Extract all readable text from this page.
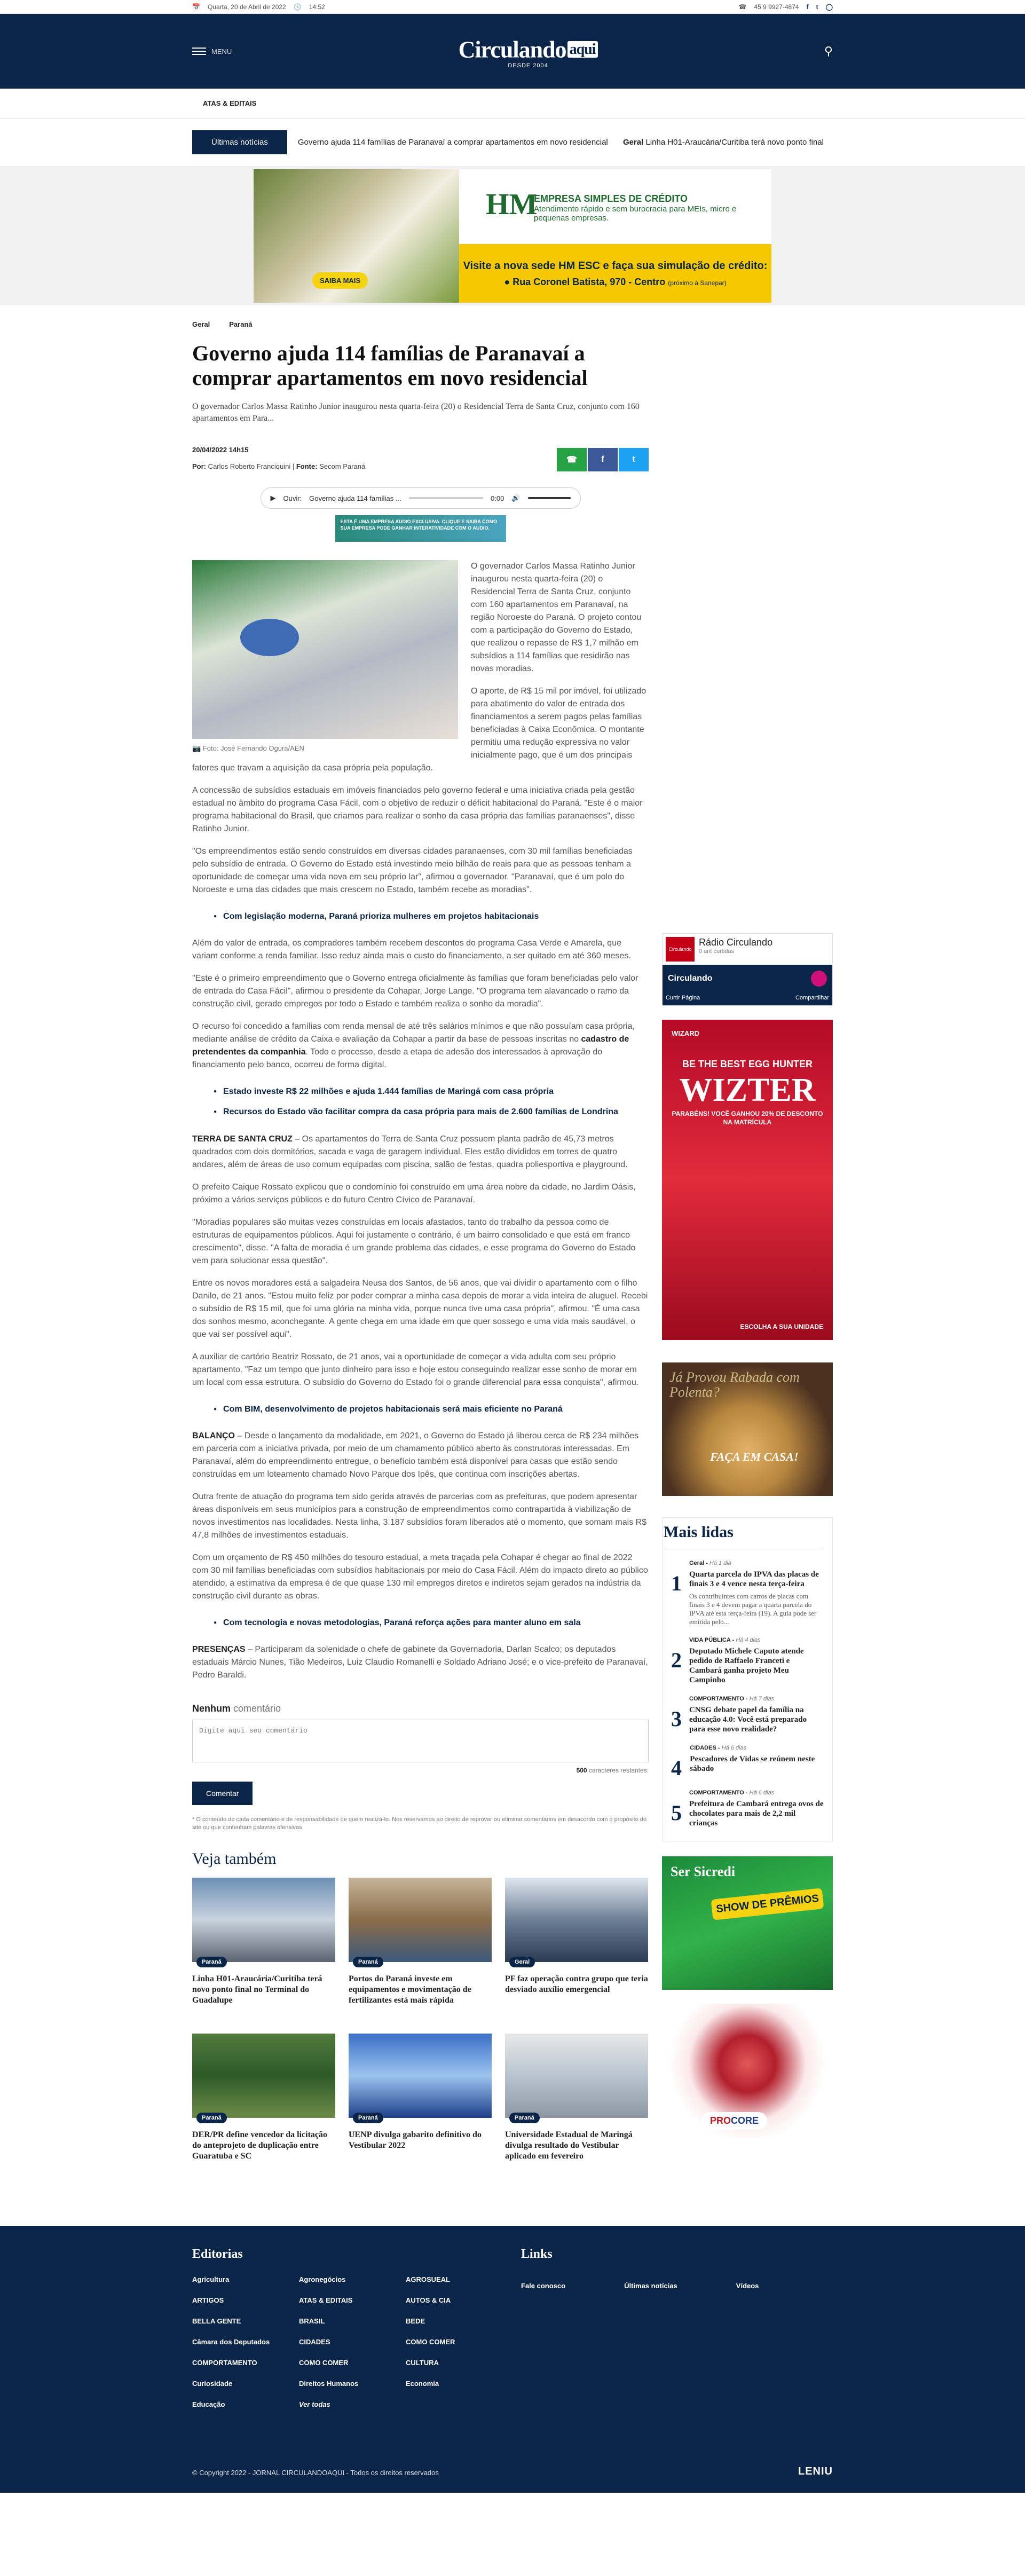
📅 Quarta, 20 de Abril de 2022 🕓 14:52	☎ 45 9 9927-4874 f t ◯
MENU	Circulando aqui
DESDE 2004
⚲
ATAS & EDITAIS
Últimas notícias	Governo ajuda 114 famílias de Paranavaí a comprar apartamentos em novo residencial Geral Linha H01-Araucária/Curitiba terá novo ponto final
SAIBA MAIS
HM
EMPRESA SIMPLES DE CRÉDITO
Atendimento rápido e sem burocracia para MEIs, micro e pequenas empresas.
Visite a nova sede HM ESC e faça sua simulação de crédito:
● Rua Coronel Batista, 970 - Centro (próximo à Sanepar)
Circulando
Rádio Circulando
0 ant curtidas
Circulando
Curtir Página	Compartilhar
WIZARD
BE THE BEST EGG HUNTER
WIZTER
PARABÉNS! VOCÊ GANHOU 20% DE DESCONTO NA MATRÍCULA
ESCOLHA A SUA UNIDADE
Já Provou Rabada com Polenta?
FAÇA EM CASA!
Mais lidas
1
Geral - Há 1 dia
Quarta parcela do IPVA das placas de finais 3 e 4 vence nesta terça-feira
Os contribuintes com carros de placas com finais 3 e 4 devem pagar a quarta parcela do IPVA até esta terça-feira (19). A guia pode ser emitida pelo...
2
VIDA PÚBLICA - Há 4 dias
Deputado Michele Caputo atende pedido de Raffaelo Franceti e Cambará ganha projeto Meu Campinho
3
COMPORTAMENTO - Há 7 dias
CNSG debate papel da família na educação 4.0: Você está preparado para esse novo realidade?
4
CIDADES - Há 6 dias
Pescadores de Vidas se reúnem neste sábado
5
COMPORTAMENTO - Há 6 dias
Prefeitura de Cambará entrega ovos de chocolates para mais de 2,2 mil crianças
Ser Sicredi
SHOW DE PRÊMIOS
PROCORE
Geral	Paraná
Governo ajuda 114 famílias de Paranavaí a comprar apartamentos em novo residencial
O governador Carlos Massa Ratinho Junior inaugurou nesta quarta-feira (20) o Residencial Terra de Santa Cruz, conjunto com 160 apartamentos em Para...
20/04/2022 14h15
Por: Carlos Roberto Franciquini | Fonte: Secom Paraná
☎	f	t
▶ Ouvir: Governo ajuda 114 famílias ...	0:00 🔊
ESTA É UMA EMPRESA AUDIO EXCLUSIVA. CLIQUE E SAIBA COMO SUA EMPRESA PODE GANHAR INTERATIVIDADE COM O AUDIO.
📷 Foto: José Fernando Ogura/AEN

O governador Carlos Massa Ratinho Junior inaugurou nesta quarta-feira (20) o Residencial Terra de Santa Cruz, conjunto com 160 apartamentos em Paranavaí, na região Noroeste do Paraná. O projeto contou com a participação do Governo do Estado, que realizou o repasse de R$ 1,7 milhão em subsídios a 114 famílias que residirão nas novas moradias.

O aporte, de R$ 15 mil por imóvel, foi utilizado para abatimento do valor de entrada dos financiamentos a serem pagos pelas famílias beneficiadas à Caixa Econômica. O montante permitiu uma redução expressiva no valor inicialmente pago, que é um dos principais fatores que travam a aquisição da casa própria pela população.

A concessão de subsídios estaduais em imóveis financiados pelo governo federal e uma iniciativa criada pela gestão estadual no âmbito do programa Casa Fácil, com o objetivo de reduzir o déficit habitacional do Paraná. "Este é o maior programa habitacional do Brasil, que criamos para realizar o sonho da casa própria das famílias paranaenses", disse Ratinho Junior.

"Os empreendimentos estão sendo construídos em diversas cidades paranaenses, com 30 mil famílias beneficiadas pelo subsídio de entrada. O Governo do Estado está investindo meio bilhão de reais para que as pessoas tenham a oportunidade de começar uma vida nova em seu próprio lar", afirmou o governador. "Paranavaí, que é um polo do Noroeste e uma das cidades que mais crescem no Estado, também recebe as moradias".

● Com legislação moderna, Paraná prioriza mulheres em projetos habitacionais

Além do valor de entrada, os compradores também recebem descontos do programa Casa Verde e Amarela, que variam conforme a renda familiar. Isso reduz ainda mais o custo do financiamento, a ser quitado em até 360 meses.

"Este é o primeiro empreendimento que o Governo entrega oficialmente às famílias que foram beneficiadas pelo valor de entrada do Casa Fácil", afirmou o presidente da Cohapar, Jorge Lange. "O programa tem alavancado o ramo da construção civil, gerado empregos por todo o Estado e também realiza o sonho da moradia".

O recurso foi concedido a famílias com renda mensal de até três salários mínimos e que não possuíam casa própria, mediante análise de crédito da Caixa e avaliação da Cohapar a partir da base de pessoas inscritas no cadastro de pretendentes da companhia. Todo o processo, desde a etapa de adesão dos interessados à aprovação do financiamento pelo banco, ocorreu de forma digital.

● Estado investe R$ 22 milhões e ajuda 1.444 famílias de Maringá com casa própria
● Recursos do Estado vão facilitar compra da casa própria para mais de 2.600 famílias de Londrina

TERRA DE SANTA CRUZ – Os apartamentos do Terra de Santa Cruz possuem planta padrão de 45,73 metros quadrados com dois dormitórios, sacada e vaga de garagem individual. Eles estão divididos em torres de quatro andares, além de áreas de uso comum equipadas com piscina, salão de festas, quadra poliesportiva e playground.

O prefeito Caique Rossato explicou que o condomínio foi construído em uma área nobre da cidade, no Jardim Oásis, próximo a vários serviços públicos e do futuro Centro Cívico de Paranavaí.

"Moradias populares são muitas vezes construídas em locais afastados, tanto do trabalho da pessoa como de estruturas de equipamentos públicos. Aqui foi justamente o contrário, é um bairro consolidado e que está em franco crescimento", disse. "A falta de moradia é um grande problema das cidades, e esse programa do Governo do Estado vem para solucionar essa questão".

Entre os novos moradores está a salgadeira Neusa dos Santos, de 56 anos, que vai dividir o apartamento com o filho Danilo, de 21 anos. "Estou muito feliz por poder comprar a minha casa depois de morar a vida inteira de aluguel. Recebi o subsídio de R$ 15 mil, que foi uma glória na minha vida, porque nunca tive uma casa própria", afirmou. "É uma casa dos sonhos mesmo, aconchegante. A gente chega em uma idade em que quer sossego e uma vida mais saudável, o que vai ser possível aqui".

A auxiliar de cartório Beatriz Rossato, de 21 anos, vai a oportunidade de começar a vida adulta com seu próprio apartamento. "Faz um tempo que junto dinheiro para isso e hoje estou conseguindo realizar esse sonho de morar em um local com essa estrutura. O subsídio do Governo do Estado foi o grande diferencial para essa conquista", afirmou.

● Com BIM, desenvolvimento de projetos habitacionais será mais eficiente no Paraná

BALANÇO – Desde o lançamento da modalidade, em 2021, o Governo do Estado já liberou cerca de R$ 234 milhões em parceria com a iniciativa privada, por meio de um chamamento público aberto às construtoras interessadas. Em Paranavaí, além do empreendimento entregue, o benefício também está disponível para casas que estão sendo construídas em um loteamento chamado Novo Parque dos Ipês, que continua com inscrições abertas.

Outra frente de atuação do programa tem sido gerida através de parcerias com as prefeituras, que podem apresentar áreas disponíveis em seus municípios para a construção de empreendimentos como contrapartida à viabilização de novos investimentos nas localidades. Nesta linha, 3.187 subsídios foram liberados até o momento, que somam mais R$ 47,8 milhões de investimentos estaduais.

Com um orçamento de R$ 450 milhões do tesouro estadual, a meta traçada pela Cohapar é chegar ao final de 2022 com 30 mil famílias beneficiadas com subsídios habitacionais por meio do Casa Fácil. Além do impacto direto ao público atendido, a estimativa da empresa é de que quase 130 mil empregos diretos e indiretos sejam gerados na indústria da construção civil durante as obras.

● Com tecnologia e novas metodologias, Paraná reforça ações para manter aluno em sala

PRESENÇAS – Participaram da solenidade o chefe de gabinete da Governadoria, Darlan Scalco; os deputados estaduais Márcio Nunes, Tião Medeiros, Luiz Claudio Romanelli e Soldado Adriano José; e o vice-prefeito de Paranavaí, Pedro Baraldi.

Nenhum comentário
Digite aqui seu comentário
500 caracteres restantes.
Comentar
* O conteúdo de cada comentário é de responsabilidade de quem realizá-lo. Nos reservamos ao direito de reprovar ou eliminar comentários em desacordo com o propósito do site ou que contenham palavras ofensivas.
Veja também
Paraná
Linha H01-Araucária/Curitiba terá novo ponto final no Terminal do Guadalupe
Paraná
Portos do Paraná investe em equipamentos e movimentação de fertilizantes está mais rápida
Geral
PF faz operação contra grupo que teria desviado auxílio emergencial
Paraná
DER/PR define vencedor da licitação do anteprojeto de duplicação entre Guaratuba e SC
Paraná
UENP divulga gabarito definitivo do Vestibular 2022
Paraná
Universidade Estadual de Maringá divulga resultado do Vestibular aplicado em fevereiro
Editorias
Agricultura
ARTIGOS
BELLA GENTE
Câmara dos Deputados
COMPORTAMENTO
Curiosidade
Educação
Agronegócios
ATAS & EDITAIS
BRASIL
CIDADES
COMO COMER
Direitos Humanos
Ver todas
AGROSUEAL
AUTOS & CIA
BEDE
COMO COMER
CULTURA
Economia
Links
Fale conosco	Últimas notícias	Vídeos
© Copyright 2022 - JORNAL CIRCULANDOAQUI - Todos os direitos reservados	LENIU
